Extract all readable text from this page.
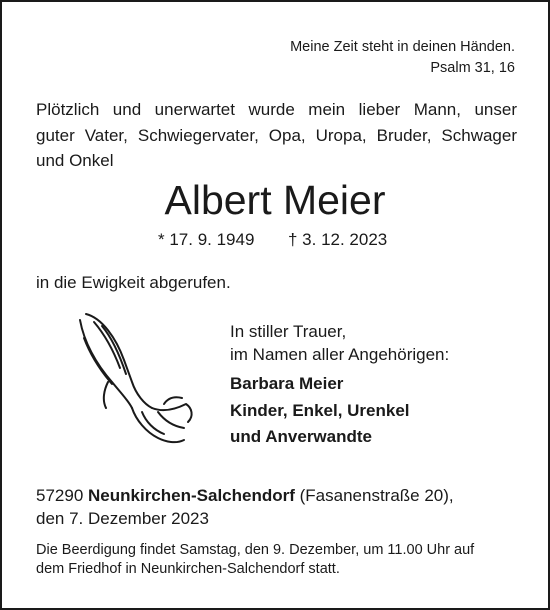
Meine Zeit steht in deinen Händen.

Psalm 31, 16

Plötzlich und unerwartet wurde mein lieber Mann, unser
guter Vater, Schwiegervater, Opa, Uropa, Bruder, Schwager
und Onkel
Albert Meier
* 17. 9. 1949 † 3. 12. 2023

in die Ewigkeit abgerufen.

In stiller Trauer,

im Namen aller Angehörigen:

Barbara Meier

Kinder, Enkel, Urenkel

und Anverwandte

57290 Neunkirchen-Salchendorf (Fasanenstraße 20),

den 7. Dezember 2023

Die Beerdigung findet Samstag, den 9. Dezember, um 11.00 Uhr auf

dem Friedhof in Neunkirchen-Salchendorf statt.
